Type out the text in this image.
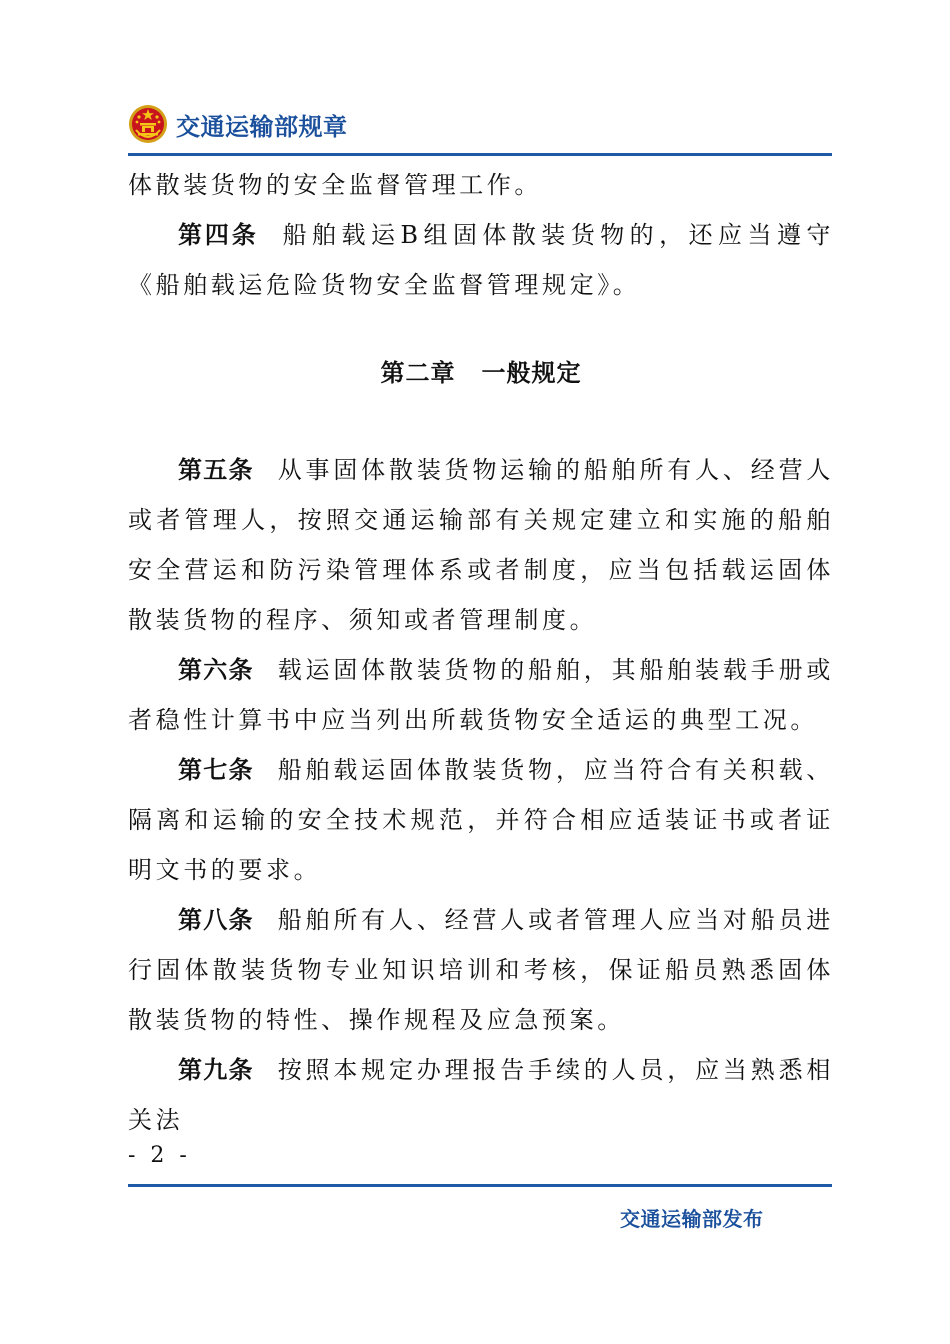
交通运输部规章

体散装货物的安全监督管理工作。

第四条 船舶载运B组固体散装货物的，还应当遵守《船舶载运危险货物安全监督管理规定》。

第二章 一般规定

第五条 从事固体散装货物运输的船舶所有人、经营人或者管理人，按照交通运输部有关规定建立和实施的船舶安全营运和防污染管理体系或者制度，应当包括载运固体散装货物的程序、须知或者管理制度。

第六条 载运固体散装货物的船舶，其船舶装载手册或者稳性计算书中应当列出所载货物安全适运的典型工况。

第七条 船舶载运固体散装货物，应当符合有关积载、隔离和运输的安全技术规范，并符合相应适装证书或者证明文书的要求。

第八条 船舶所有人、经营人或者管理人应当对船员进行固体散装货物专业知识培训和考核，保证船员熟悉固体散装货物的特性、操作规程及应急预案。

第九条 按照本规定办理报告手续的人员，应当熟悉相关法

- 2 -
交通运输部发布
